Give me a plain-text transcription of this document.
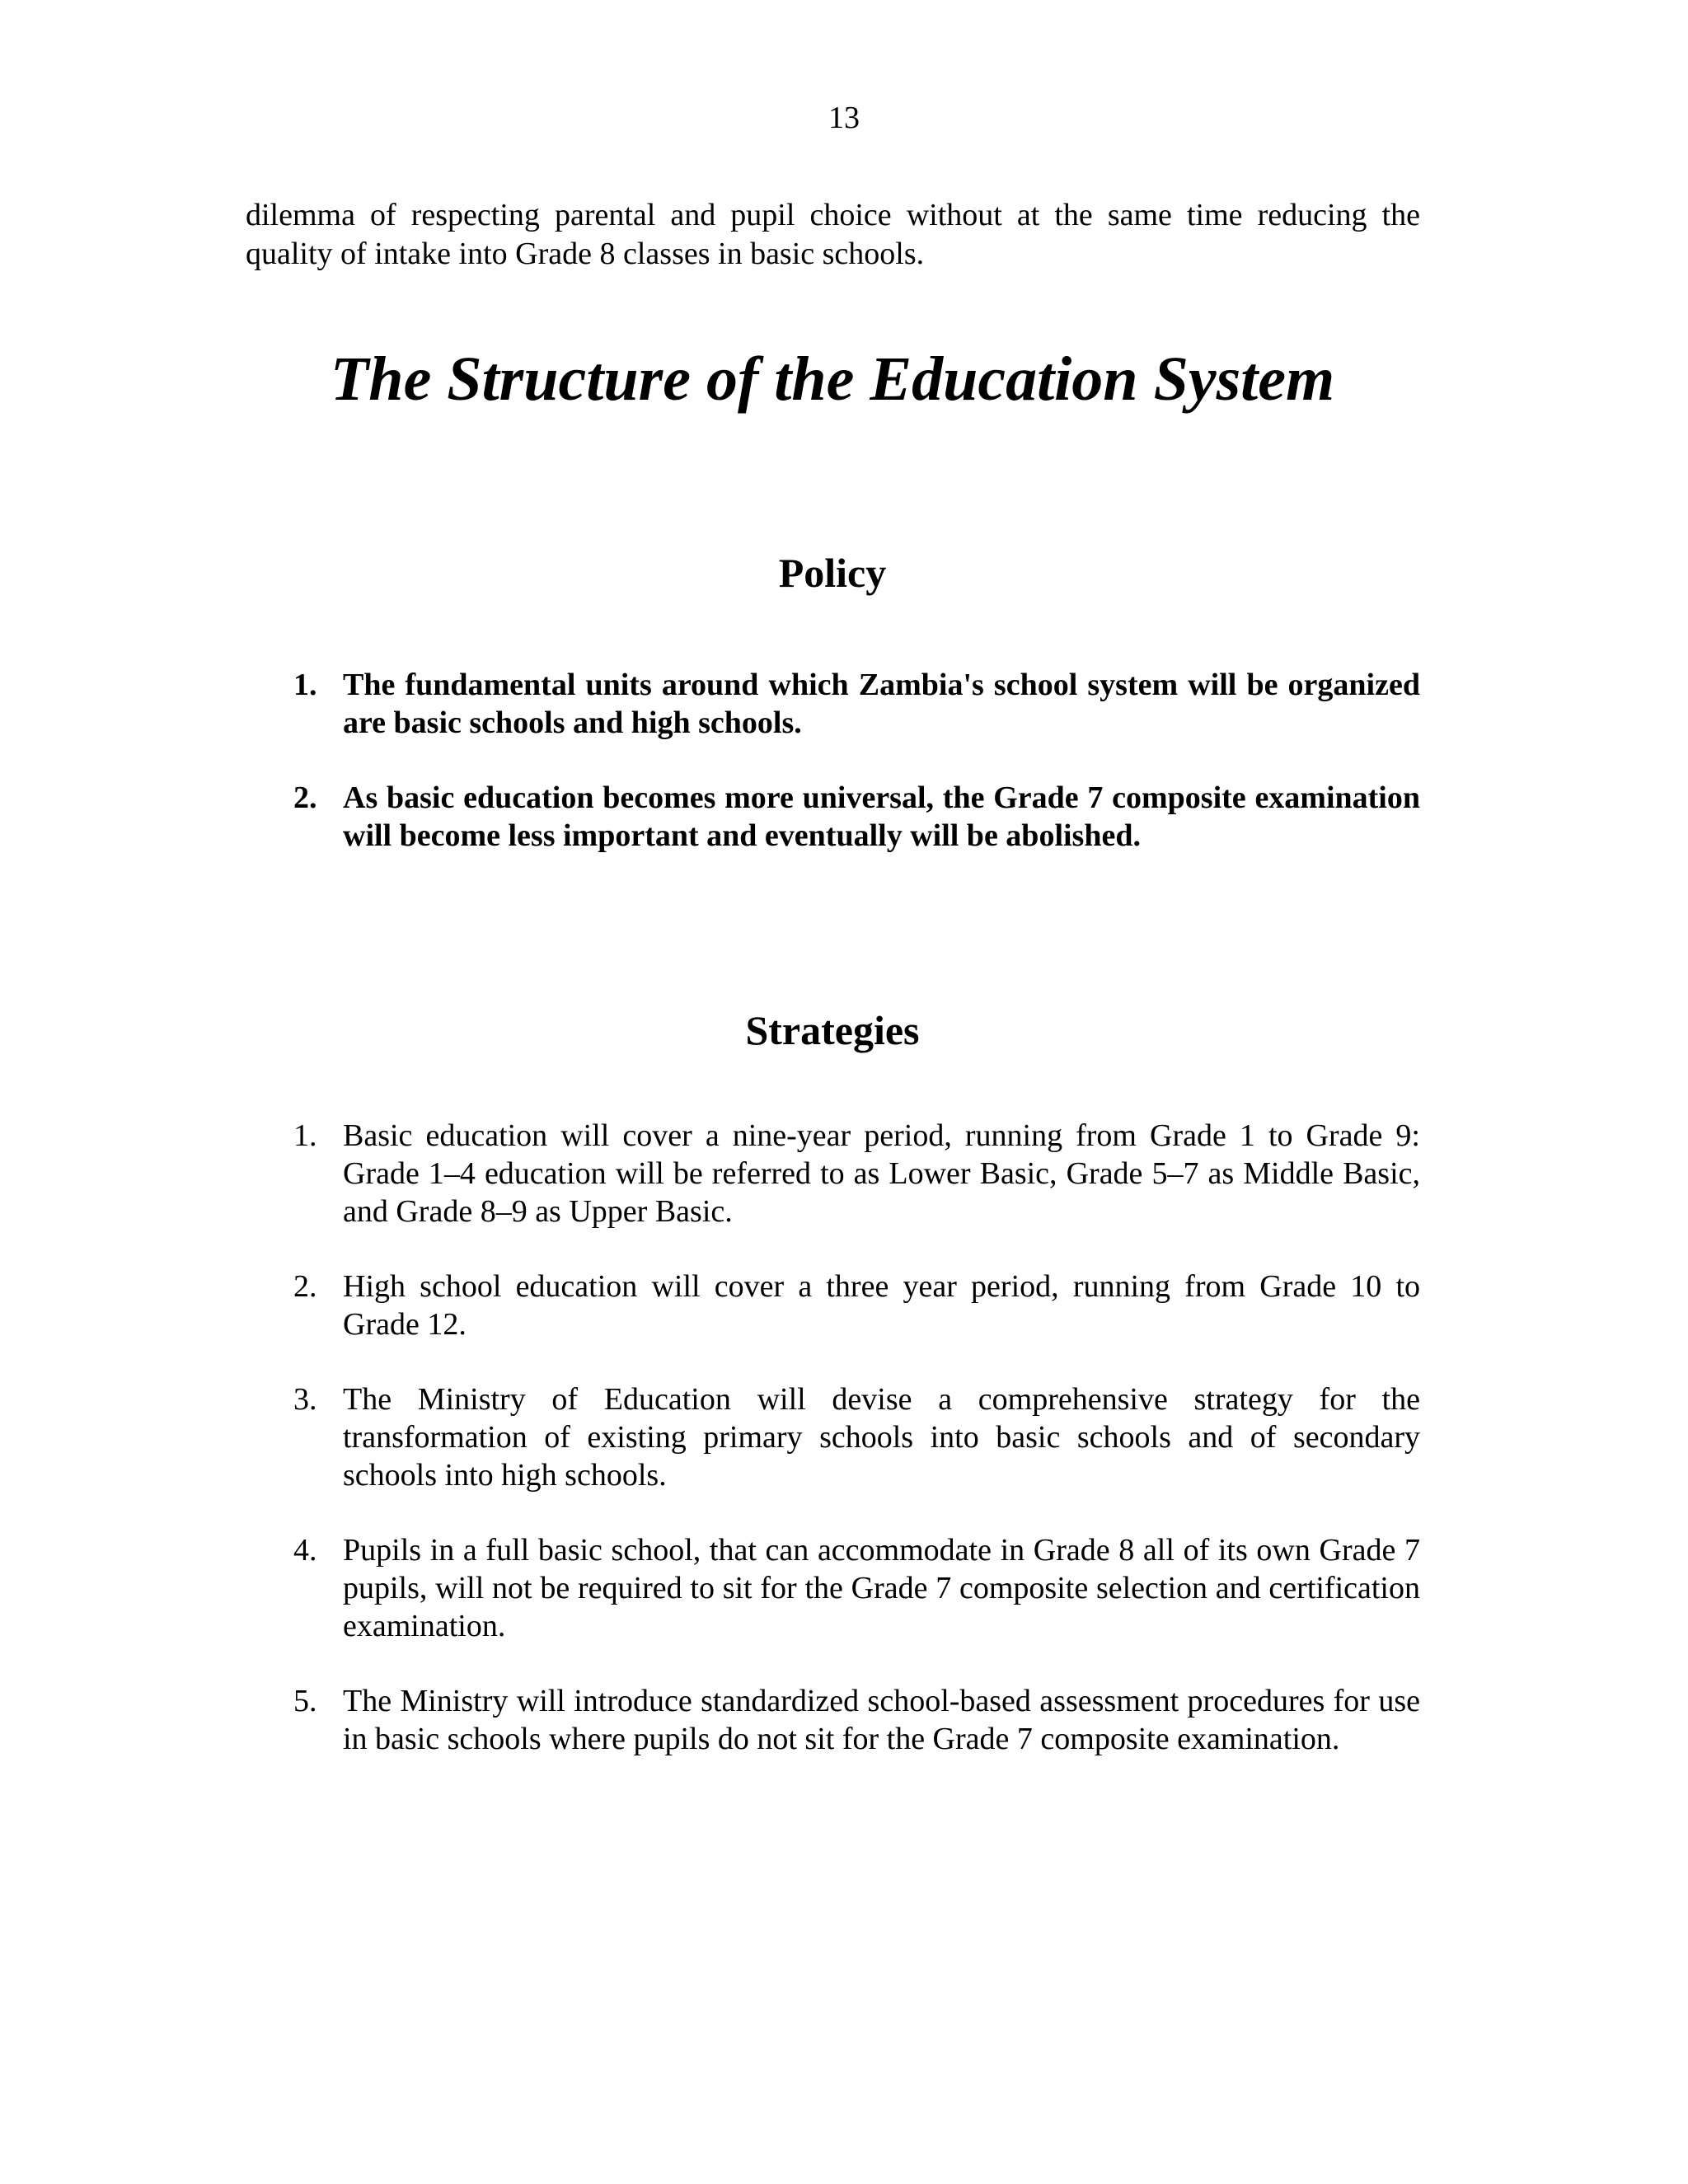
13

dilemma of respecting parental and pupil choice without at the same time reducing the quality of intake into Grade 8 classes in basic schools.

The Structure of the Education System
Policy
1. The fundamental units around which Zambia's school system will be organized are basic schools and high schools.
2. As basic education becomes more universal, the Grade 7 composite examination will become less important and eventually will be abolished.
Strategies
1. Basic education will cover a nine-year period, running from Grade 1 to Grade 9: Grade 1–4 education will be referred to as Lower Basic, Grade 5–7 as Middle Basic, and Grade 8–9 as Upper Basic.
2. High school education will cover a three year period, running from Grade 10 to Grade 12.
3. The Ministry of Education will devise a comprehensive strategy for the transformation of existing primary schools into basic schools and of secondary schools into high schools.
4. Pupils in a full basic school, that can accommodate in Grade 8 all of its own Grade 7 pupils, will not be required to sit for the Grade 7 composite selection and certification examination.
5. The Ministry will introduce standardized school-based assessment procedures for use in basic schools where pupils do not sit for the Grade 7 composite examination.
